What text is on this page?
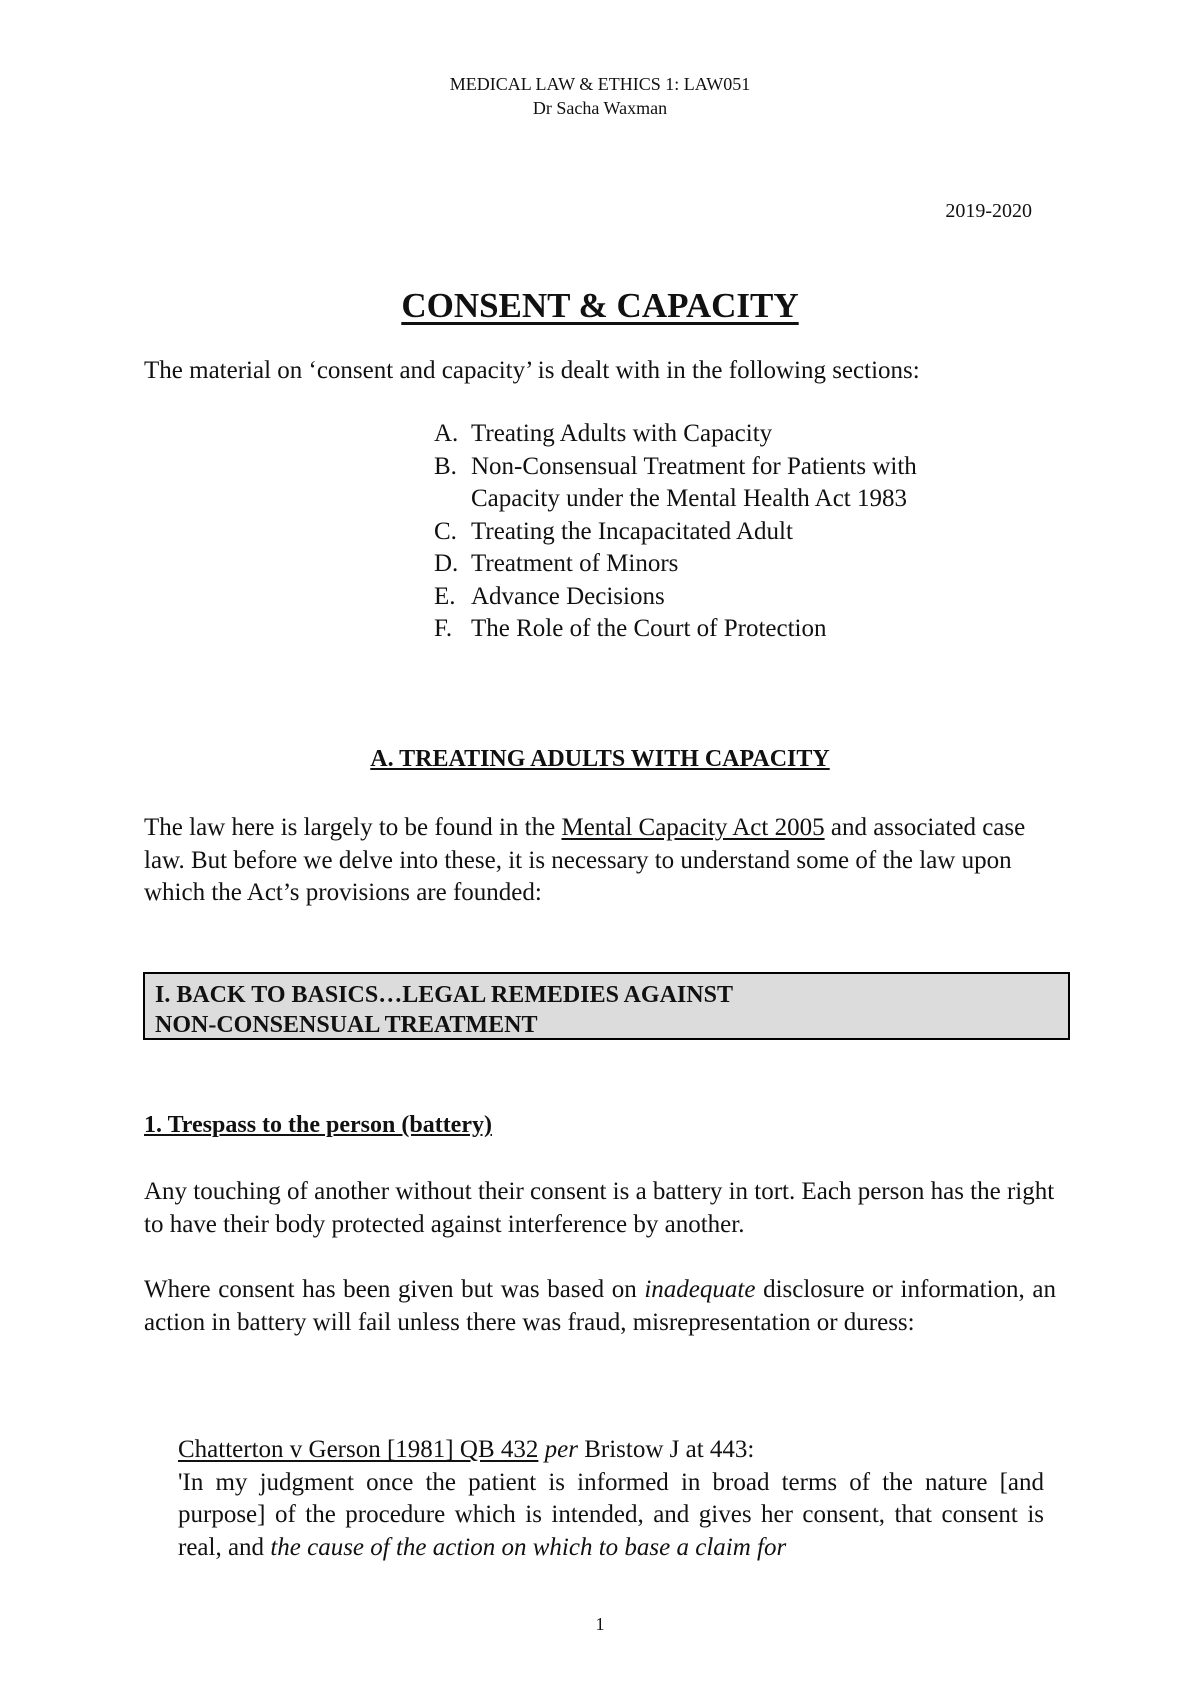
MEDICAL LAW & ETHICS 1: LAW051
Dr Sacha Waxman
2019-2020
CONSENT & CAPACITY
The material on ‘consent and capacity’ is dealt with in the following sections:
A. Treating Adults with Capacity
B. Non-Consensual Treatment for Patients with Capacity under the Mental Health Act 1983
C. Treating the Incapacitated Adult
D. Treatment of Minors
E. Advance Decisions
F. The Role of the Court of Protection
A. TREATING ADULTS WITH CAPACITY
The law here is largely to be found in the Mental Capacity Act 2005 and associated case law. But before we delve into these, it is necessary to understand some of the law upon which the Act’s provisions are founded:
I. BACK TO BASICS…LEGAL REMEDIES AGAINST
NON-CONSENSUAL TREATMENT
1. Trespass to the person (battery)
Any touching of another without their consent is a battery in tort. Each person has the right to have their body protected against interference by another.
Where consent has been given but was based on inadequate disclosure or information, an action in battery will fail unless there was fraud, misrepresentation or duress:
Chatterton v Gerson [1981] QB 432 per Bristow J at 443:
'In my judgment once the patient is informed in broad terms of the nature [and purpose] of the procedure which is intended, and gives her consent, that consent is real, and the cause of the action on which to base a claim for
1
